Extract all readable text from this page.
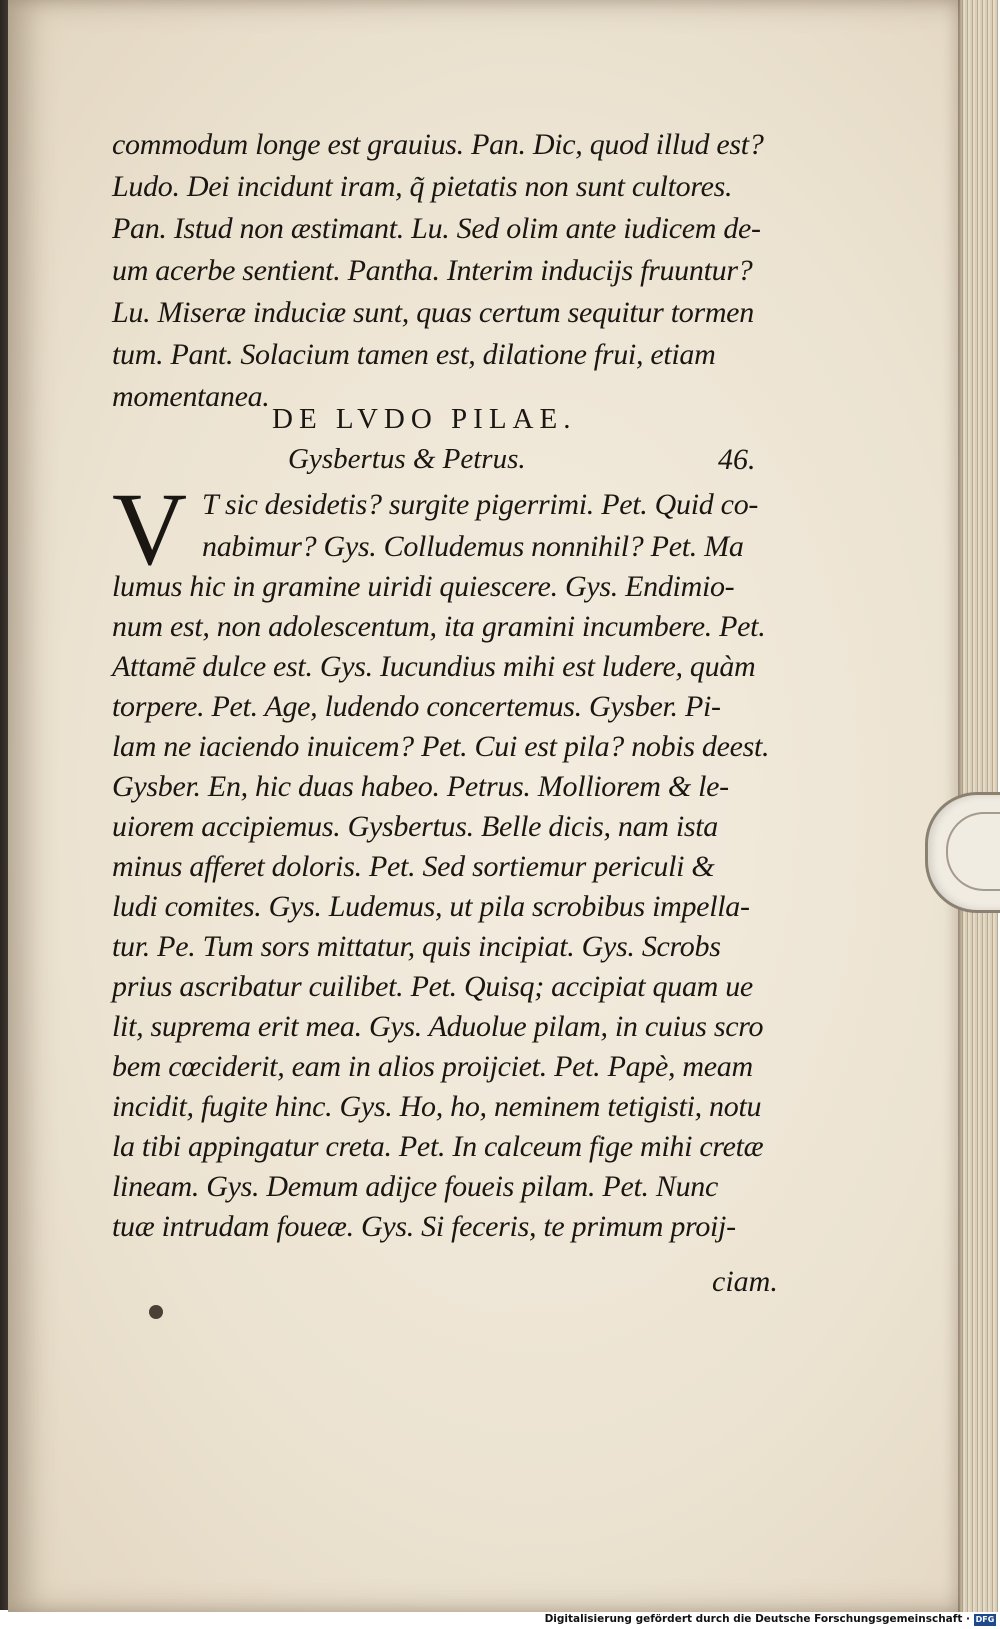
commodum longe est grauius. Pan. Dic, quod illud est?
Ludo. Dei incidunt iram, q̃ pietatis non sunt cultores.
Pan. Istud non æstimant. Lu. Sed olim ante iudicem de-
um acerbe sentient. Pantha. Interim inducijs fruuntur?
Lu. Miseræ induciæ sunt, quas certum sequitur tormen
tum. Pant. Solacium tamen est, dilatione frui, etiam
momentanea.
DE LVDO PILAE.
Gysbertus & Petrus.	46.
V T sic desidetis? surgite pigerrimi. Pet. Quid co-
nabimur? Gys. Colludemus nonnihil? Pet. Ma
lumus hic in gramine uiridi quiescere. Gys. Endimio-
num est, non adolescentum, ita gramini incumbere. Pet.
Attamē dulce est. Gys. Iucundius mihi est ludere, quàm
torpere. Pet. Age, ludendo concertemus. Gysber. Pi-
lam ne iaciendo inuicem? Pet. Cui est pila? nobis deest.
Gysber. En, hic duas habeo. Petrus. Molliorem & le-
uiorem accipiemus. Gysbertus. Belle dicis, nam ista
minus afferet doloris. Pet. Sed sortiemur periculi &
ludi comites. Gys. Ludemus, ut pila scrobibus impella-
tur. Pe. Tum sors mittatur, quis incipiat. Gys. Scrobs
prius ascribatur cuilibet. Pet. Quisq; accipiat quam ue
lit, suprema erit mea. Gys. Aduolue pilam, in cuius scro
bem cœciderit, eam in alios proijciet. Pet. Papè, meam
incidit, fugite hinc. Gys. Ho, ho, neminem tetigisti, notu
la tibi appingatur creta. Pet. In calceum fige mihi cretæ
lineam. Gys. Demum adijce foueis pilam. Pet. Nunc
tuæ intrudam foueæ. Gys. Si feceris, te primum proij-
ciam.
Digitalisierung gefördert durch die Deutsche Forschungsgemeinschaft · DFG
